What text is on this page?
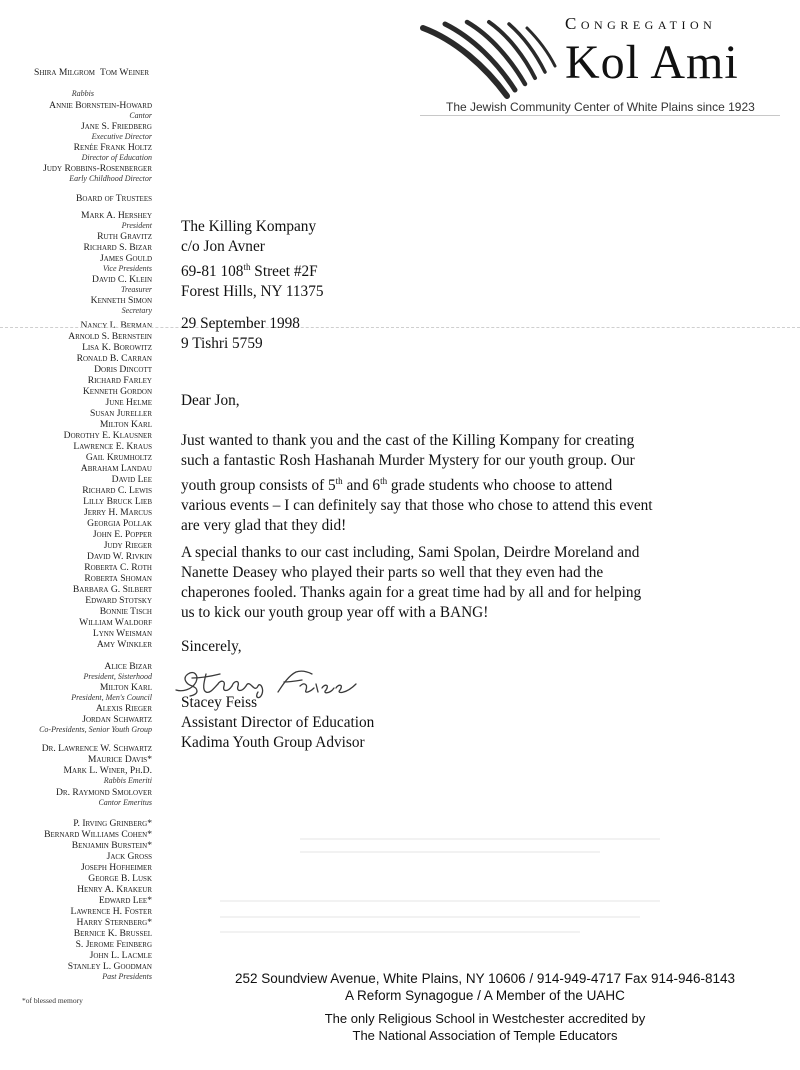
Congregation
Kol Ami
The Jewish Community Center of White Plains since 1923
Shira Milgrom Tom Weiner
Rabbis
Annie Bornstein-Howard
Cantor
Jane S. Friedberg
Executive Director
Renée Frank Holtz
Director of Education
Judy Robbins-Rosenberger
Early Childhood Director
Board of Trustees
Mark A. Hershey
President
Ruth Gravitz
Richard S. Bizar
James Gould
Vice Presidents
David C. Klein
Treasurer
Kenneth Simon
Secretary
Nancy L. Berman
Arnold S. Bernstein
Lisa K. Borowitz
Ronald B. Carran
Doris Dincott
Richard Farley
Kenneth Gordon
June Helme
Susan Jureller
Milton Karl
Dorothy E. Klausner
Lawrence E. Kraus
Gail Krumholtz
Abraham Landau
David Lee
Richard C. Lewis
Lilly Bruck Lieb
Jerry H. Marcus
Georgia Pollak
John E. Popper
Judy Rieger
David W. Rivkin
Roberta C. Roth
Roberta Shoman
Barbara G. Silbert
Edward Stotsky
Bonnie Tisch
William Waldorf
Lynn Weisman
Amy Winkler
Alice Bizar
President, Sisterhood
Milton Karl
President, Men's Council
Alexis Rieger
Jordan Schwartz
Co-Presidents, Senior Youth Group
Dr. Lawrence W. Schwartz
Maurice Davis*
Mark L. Winer, Ph.D.
Rabbis Emeriti
Dr. Raymond Smolover
Cantor Emeritus
P. Irving Grinberg*
Bernard Williams Cohen*
Benjamin Burstein*
Jack Gross
Joseph Hofheimer
George B. Lusk
Henry A. Krakeur
Edward Lee*
Lawrence H. Foster
Harry Sternberg*
Bernice K. Brussel
S. Jerome Feinberg
John L. Lacmle
Stanley L. Goodman
Past Presidents
*of blessed memory
The Killing Kompany
c/o Jon Avner
69-81 108th Street #2F
Forest Hills, NY 11375
29 September 1998
9 Tishri 5759
Dear Jon,
Just wanted to thank you and the cast of the Killing Kompany for creating
such a fantastic Rosh Hashanah Murder Mystery for our youth group. Our
youth group consists of 5th and 6th grade students who choose to attend
various events – I can definitely say that those who chose to attend this event
are very glad that they did!
A special thanks to our cast including, Sami Spolan, Deirdre Moreland and
Nanette Deasey who played their parts so well that they even had the
chaperones fooled. Thanks again for a great time had by all and for helping
us to kick our youth group year off with a BANG!
Sincerely,
Stacey Feiss
Assistant Director of Education
Kadima Youth Group Advisor
252 Soundview Avenue, White Plains, NY 10606 / 914-949-4717 Fax 914-946-8143
A Reform Synagogue / A Member of the UAHC
The only Religious School in Westchester accredited by
The National Association of Temple Educators
